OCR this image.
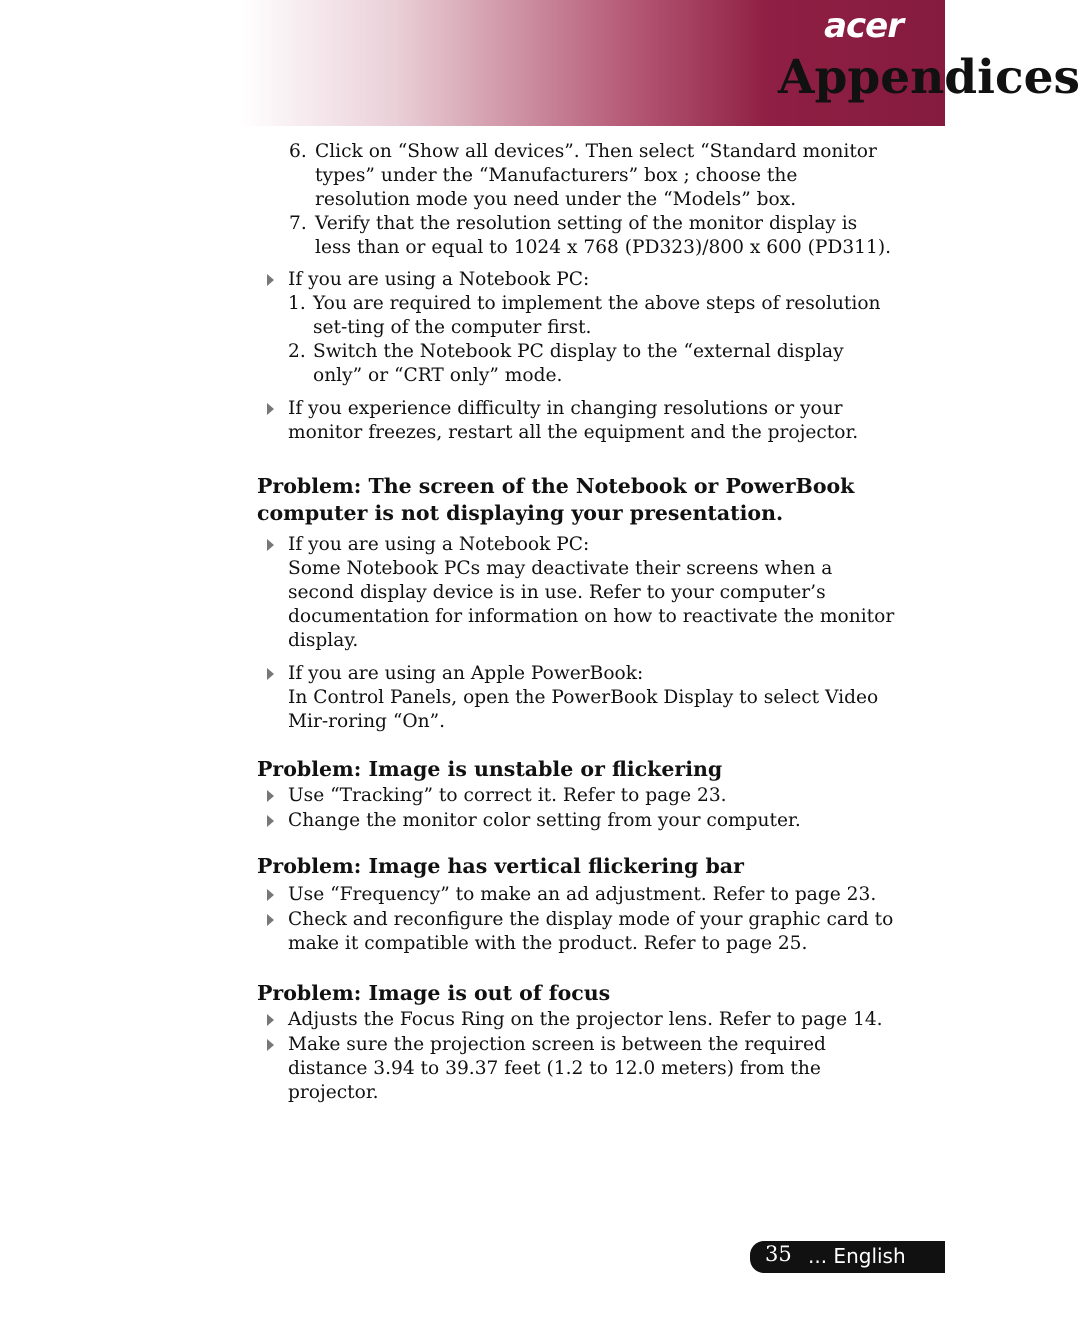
acer
Appendices
6. Click on “Show all devices”. Then select “Standard monitor types” under the “Manufacturers” box ; choose the resolution mode you need under the “Models” box.
7. Verify that the resolution setting of the monitor display is less than or equal to 1024 x 768 (PD323)/800 x 600 (PD311).
If you are using a Notebook PC:
1. You are required to implement the above steps of resolution set-ting of the computer first.
2. Switch the Notebook PC display to the “external display only” or “CRT only” mode.
If you experience difficulty in changing resolutions or your monitor freezes, restart all the equipment and the projector.
Problem: The screen of the Notebook or PowerBook computer is not displaying your presentation.
If you are using a Notebook PC:
Some Notebook PCs may deactivate their screens when a second display device is in use. Refer to your computer’s documentation for information on how to reactivate the monitor display.
If you are using an Apple PowerBook:
In Control Panels, open the PowerBook Display to select Video Mir-roring “On”.
Problem: Image is unstable or flickering
Use “Tracking” to correct it. Refer to page 23.
Change the monitor color setting from your computer.
Problem: Image has vertical flickering bar
Use “Frequency” to make an ad adjustment. Refer to page 23.
Check and reconfigure the display mode of your graphic card to make it compatible with the product. Refer to page 25.
Problem: Image is out of focus
Adjusts the Focus Ring on the projector lens. Refer to page 14.
Make sure the projection screen is between the required distance 3.94 to 39.37 feet (1.2 to 12.0 meters) from the projector.
35 ... English
